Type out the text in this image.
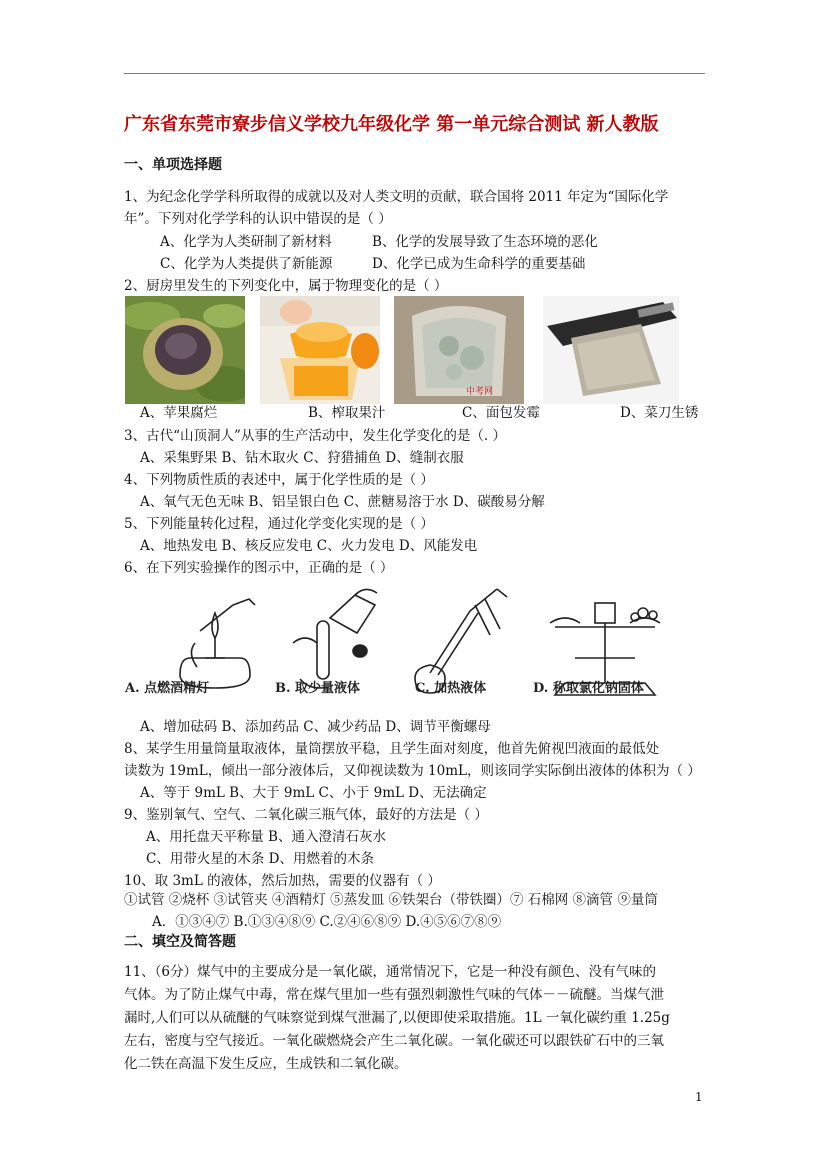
广东省东莞市寮步信义学校九年级化学 第一单元综合测试 新人教版
一、单项选择题
1、为纪念化学学科所取得的成就以及对人类文明的贡献，联合国将 2011 年定为“国际化学
年”。下列对化学学科的认识中错误的是（ ）
A、化学为人类研制了新材料	B、化学的发展导致了生态环境的恶化
C、化学为人类提供了新能源	D、化学已成为生命科学的重要基础
2、厨房里发生的下列变化中，属于物理变化的是（ ）
中考网
A、苹果腐烂	B、榨取果汁	C、面包发霉	D、菜刀生锈
3、古代“山顶洞人”从事的生产活动中，发生化学变化的是（. ）
A、采集野果 B、钻木取火 C、狩猎捕鱼 D、缝制衣服
4、下列物质性质的表述中，属于化学性质的是（ ）
A、氧气无色无味 B、铝呈银白色 C、蔗糖易溶于水 D、碳酸易分解
5、下列能量转化过程，通过化学变化实现的是（ ）
A、地热发电 B、核反应发电 C、火力发电 D、风能发电
6、在下列实验操作的图示中，正确的是（ ）
A. 点燃酒精灯	B. 取少量液体	C. 加热液体	D. 称取氯化钠固体
A、增加砝码 B、添加药品 C、减少药品 D、调节平衡螺母
8、某学生用量筒量取液体，量筒摆放平稳，且学生面对刻度，他首先俯视凹液面的最低处
读数为 19mL，倾出一部分液体后，又仰视读数为 10mL，则该同学实际倒出液体的体积为（ ）
A、等于 9mL B、大于 9mL C、小于 9mL D、无法确定
9、鉴别氧气、空气、二氧化碳三瓶气体，最好的方法是（ ）
A、用托盘天平称量 B、通入澄清石灰水
C、用带火星的木条 D、用燃着的木条
10、取 3mL 的液体，然后加热，需要的仪器有（ ）
①试管 ②烧杯 ③试管夹 ④酒精灯 ⑤蒸发皿 ⑥铁架台（带铁圈）⑦ 石棉网 ⑧滴管 ⑨量筒
A．①③④⑦ B.①③④⑧⑨ C.②④⑥⑧⑨ D.④⑤⑥⑦⑧⑨
二、填空及简答题
11、（6分）煤气中的主要成分是一氧化碳，通常情况下，它是一种没有颜色、没有气味的
气体。为了防止煤气中毒，常在煤气里加一些有强烈刺激性气味的气体－－硫醚。当煤气泄
漏时,人们可以从硫醚的气味察觉到煤气泄漏了,以便即使采取措施。1L 一氧化碳约重 1.25g
左右，密度与空气接近。一氧化碳燃烧会产生二氧化碳。一氧化碳还可以跟铁矿石中的三氧
化二铁在高温下发生反应，生成铁和二氧化碳。
1
